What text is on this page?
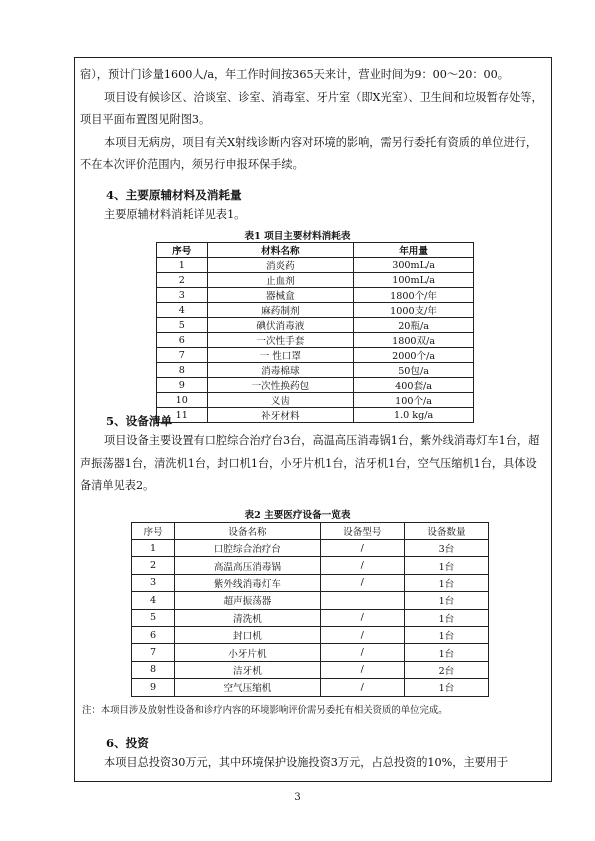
宿），预计门诊量1600人/a，年工作时间按365天来计，营业时间为9：00～20：00。

项目设有候诊区、洽谈室、诊室、消毒室、牙片室（即X光室）、卫生间和垃圾暂存处等，项目平面布置图见附图3。

本项目无病房，项目有关X射线诊断内容对环境的影响，需另行委托有资质的单位进行，不在本次评价范围内，须另行申报环保手续。

4、主要原辅材料及消耗量

主要原辅材料消耗详见表1。

表1 项目主要材料消耗表
序号	材料名称	年用量
1	消炎药	300mL/a
2	止血剂	100mL/a
3	器械盒	1800个/年
4	麻药制剂	1000支/年
5	碘伏消毒液	20瓶/a
6	一次性手套	1800双/a
7	一 性口罩	2000个/a
8	消毒棉球	50包/a
9	一次性换药包	400套/a
10	义齿	100个/a
11	补牙材料	1.0 kg/a
5、设备清单

项目设备主要设置有口腔综合治疗台3台，高温高压消毒锅1台，紫外线消毒灯车1台，超声振荡器1台，清洗机1台，封口机1台，小牙片机1台，洁牙机1台，空气压缩机1台，具体设备清单见表2。

表2 主要医疗设备一览表
序号	设备名称	设备型号	设备数量
1	口腔综合治疗台	/	3台
2	高温高压消毒锅	/	1台
3	紫外线消毒灯车	/	1台
4	超声振荡器		1台
5	清洗机	/	1台
6	封口机	/	1台
7	小牙片机	/	1台
8	洁牙机	/	2台
9	空气压缩机	/	1台
注：本项目涉及放射性设备和诊疗内容的环境影响评价需另委托有相关资质的单位完成。
6、投资

本项目总投资30万元，其中环境保护设施投资3万元，占总投资的10%，主要用于

3
